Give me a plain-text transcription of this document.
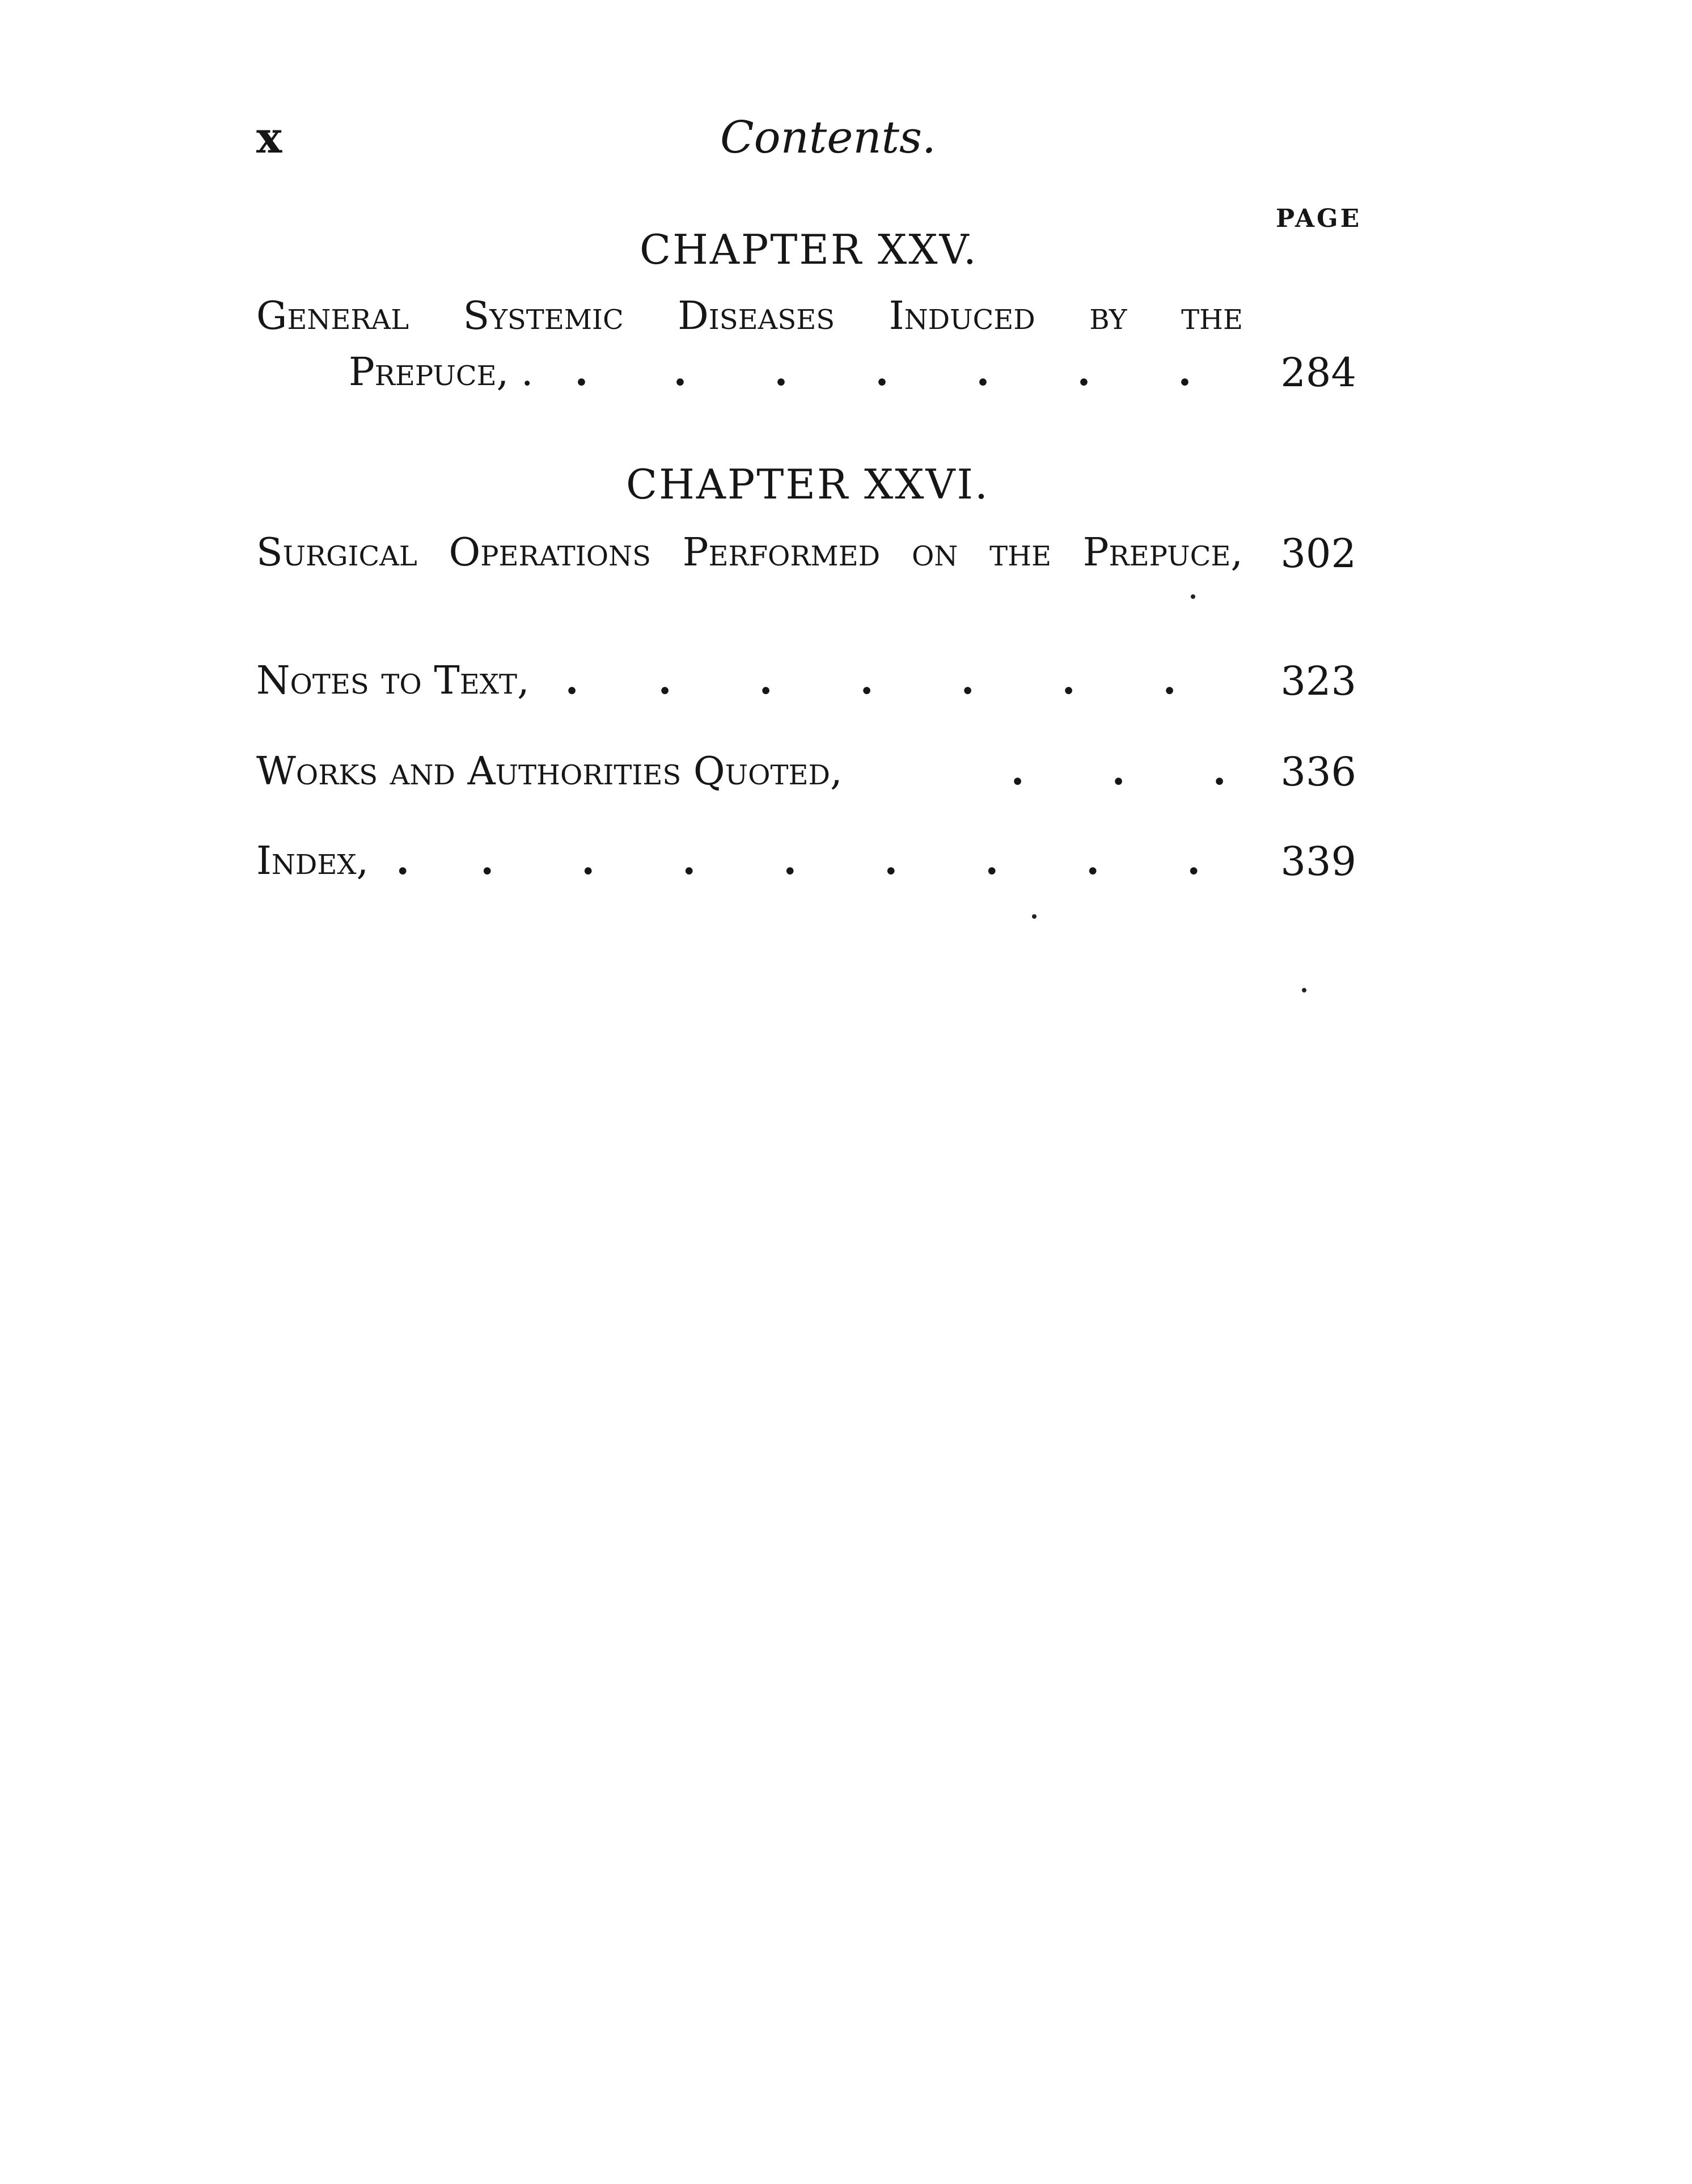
x	Contents.
PAGE
CHAPTER XXV.
General Systemic Diseases Induced by the
Prepuce, . . . . . . . .	284
CHAPTER XXVI.
Surgical Operations Performed on the Prepuce, 302
Notes to Text, . . . . . . .	323
Works and Authorities Quoted,	. . .	336
Index, . . . . . . . . .	339
